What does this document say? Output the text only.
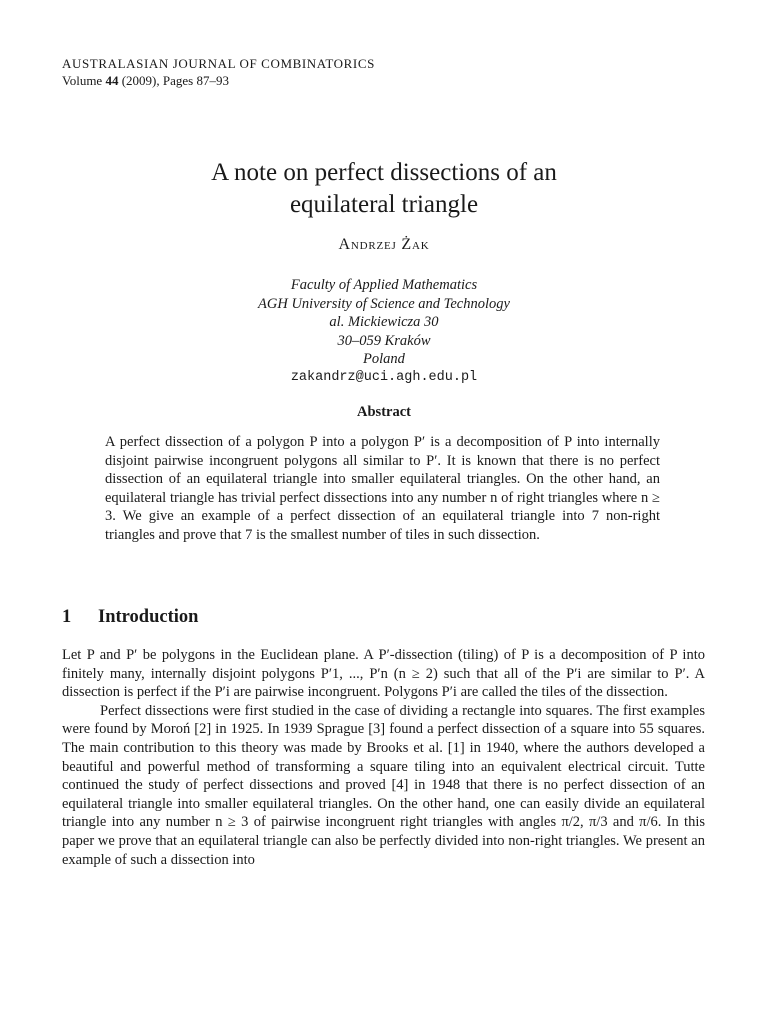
AUSTRALASIAN JOURNAL OF COMBINATORICS
Volume 44 (2009), Pages 87–93
A note on perfect dissections of an
equilateral triangle
Andrzej Żak
Faculty of Applied Mathematics
AGH University of Science and Technology
al. Mickiewicza 30
30–059 Kraków
Poland
zakandrz@uci.agh.edu.pl
Abstract

A perfect dissection of a polygon P into a polygon P′ is a decomposition of P into internally disjoint pairwise incongruent polygons all similar to P′. It is known that there is no perfect dissection of an equilateral triangle into smaller equilateral triangles. On the other hand, an equilateral triangle has trivial perfect dissections into any number n of right triangles where n ≥ 3. We give an example of a perfect dissection of an equilateral triangle into 7 non-right triangles and prove that 7 is the smallest number of tiles in such dissection.

1 Introduction

Let P and P′ be polygons in the Euclidean plane. A P′-dissection (tiling) of P is a decomposition of P into finitely many, internally disjoint polygons P′1, ..., P′n (n ≥ 2) such that all of the P′i are similar to P′. A dissection is perfect if the P′i are pairwise incongruent. Polygons P′i are called the tiles of the dissection.

Perfect dissections were first studied in the case of dividing a rectangle into squares. The first examples were found by Moroń [2] in 1925. In 1939 Sprague [3] found a perfect dissection of a square into 55 squares. The main contribution to this theory was made by Brooks et al. [1] in 1940, where the authors developed a beautiful and powerful method of transforming a square tiling into an equivalent electrical circuit. Tutte continued the study of perfect dissections and proved [4] in 1948 that there is no perfect dissection of an equilateral triangle into smaller equilateral triangles. On the other hand, one can easily divide an equilateral triangle into any number n ≥ 3 of pairwise incongruent right triangles with angles π/2, π/3 and π/6. In this paper we prove that an equilateral triangle can also be perfectly divided into non-right triangles. We present an example of such a dissection into
